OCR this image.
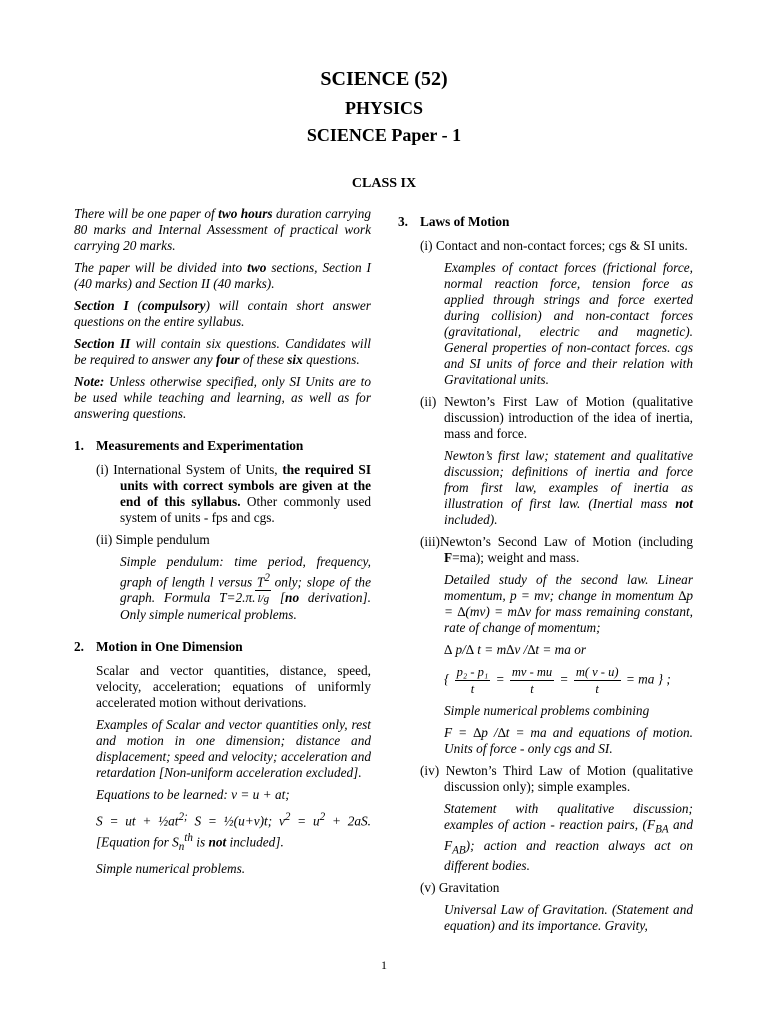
SCIENCE (52)
PHYSICS
SCIENCE Paper - 1
CLASS IX

There will be one paper of two hours duration carrying 80 marks and Internal Assessment of practical work carrying 20 marks.

The paper will be divided into two sections, Section I (40 marks) and Section II (40 marks).

Section I (compulsory) will contain short answer questions on the entire syllabus.

Section II will contain six questions. Candidates will be required to answer any four of these six questions.

Note: Unless otherwise specified, only SI Units are to be used while teaching and learning, as well as for answering questions.

1. Measurements and Experimentation

(i) International System of Units, the required SI units with correct symbols are given at the end of this syllabus. Other commonly used system of units - fps and cgs.

(ii) Simple pendulum

Simple pendulum: time period, frequency, graph of length l versus $T^2$ only; slope of the graph. Formula T=2.π. l/g [no derivation]. Only simple numerical problems.

2. Motion in One Dimension

Scalar and vector quantities, distance, speed, velocity, acceleration; equations of uniformly accelerated motion without derivations.

Examples of Scalar and vector quantities only, rest and motion in one dimension; distance and displacement; speed and velocity; acceleration and retardation [Non-uniform acceleration excluded].

Equations to be learned: v = u + at;

S = ut + $\frac{1}{2}at^{2;}$ S = ½(u+v)t; $v^2 = u^2 + 2aS$. [Equation for $S_n^{th}$ is not included].

Simple numerical problems.

3. Laws of Motion

(i) Contact and non-contact forces; cgs & SI units.

Examples of contact forces (frictional force, normal reaction force, tension force as applied through strings and force exerted during collision) and non-contact forces (gravitational, electric and magnetic). General properties of non-contact forces. cgs and SI units of force and their relation with Gravitational units.

(ii) Newton’s First Law of Motion (qualitative discussion) introduction of the idea of inertia, mass and force.

Newton’s first law; statement and qualitative discussion; definitions of inertia and force from first law, examples of inertia as illustration of first law. (Inertial mass not included).

(iii)Newton’s Second Law of Motion (including F=ma); weight and mass.

Detailed study of the second law. Linear momentum, p = mv; change in momentum ∆p = ∆(mv) = m∆v for mass remaining constant, rate of change of momentum;

∆ p/∆ t = m∆v /∆t = ma or

{ $\frac{\text{p₂ - p₁}}{t} = \frac{mv - mu}{t} = \frac{m( v - u)}{t}$ = ma } ;

Simple numerical problems combining

F = ∆p /∆t = ma and equations of motion. Units of force - only cgs and SI.

(iv) Newton’s Third Law of Motion (qualitative discussion only); simple examples.

Statement with qualitative discussion; examples of action - reaction pairs, ($F_{BA}$ and $F_{AB}$); action and reaction always act on different bodies.

(v) Gravitation

Universal Law of Gravitation. (Statement and equation) and its importance. Gravity,

1
